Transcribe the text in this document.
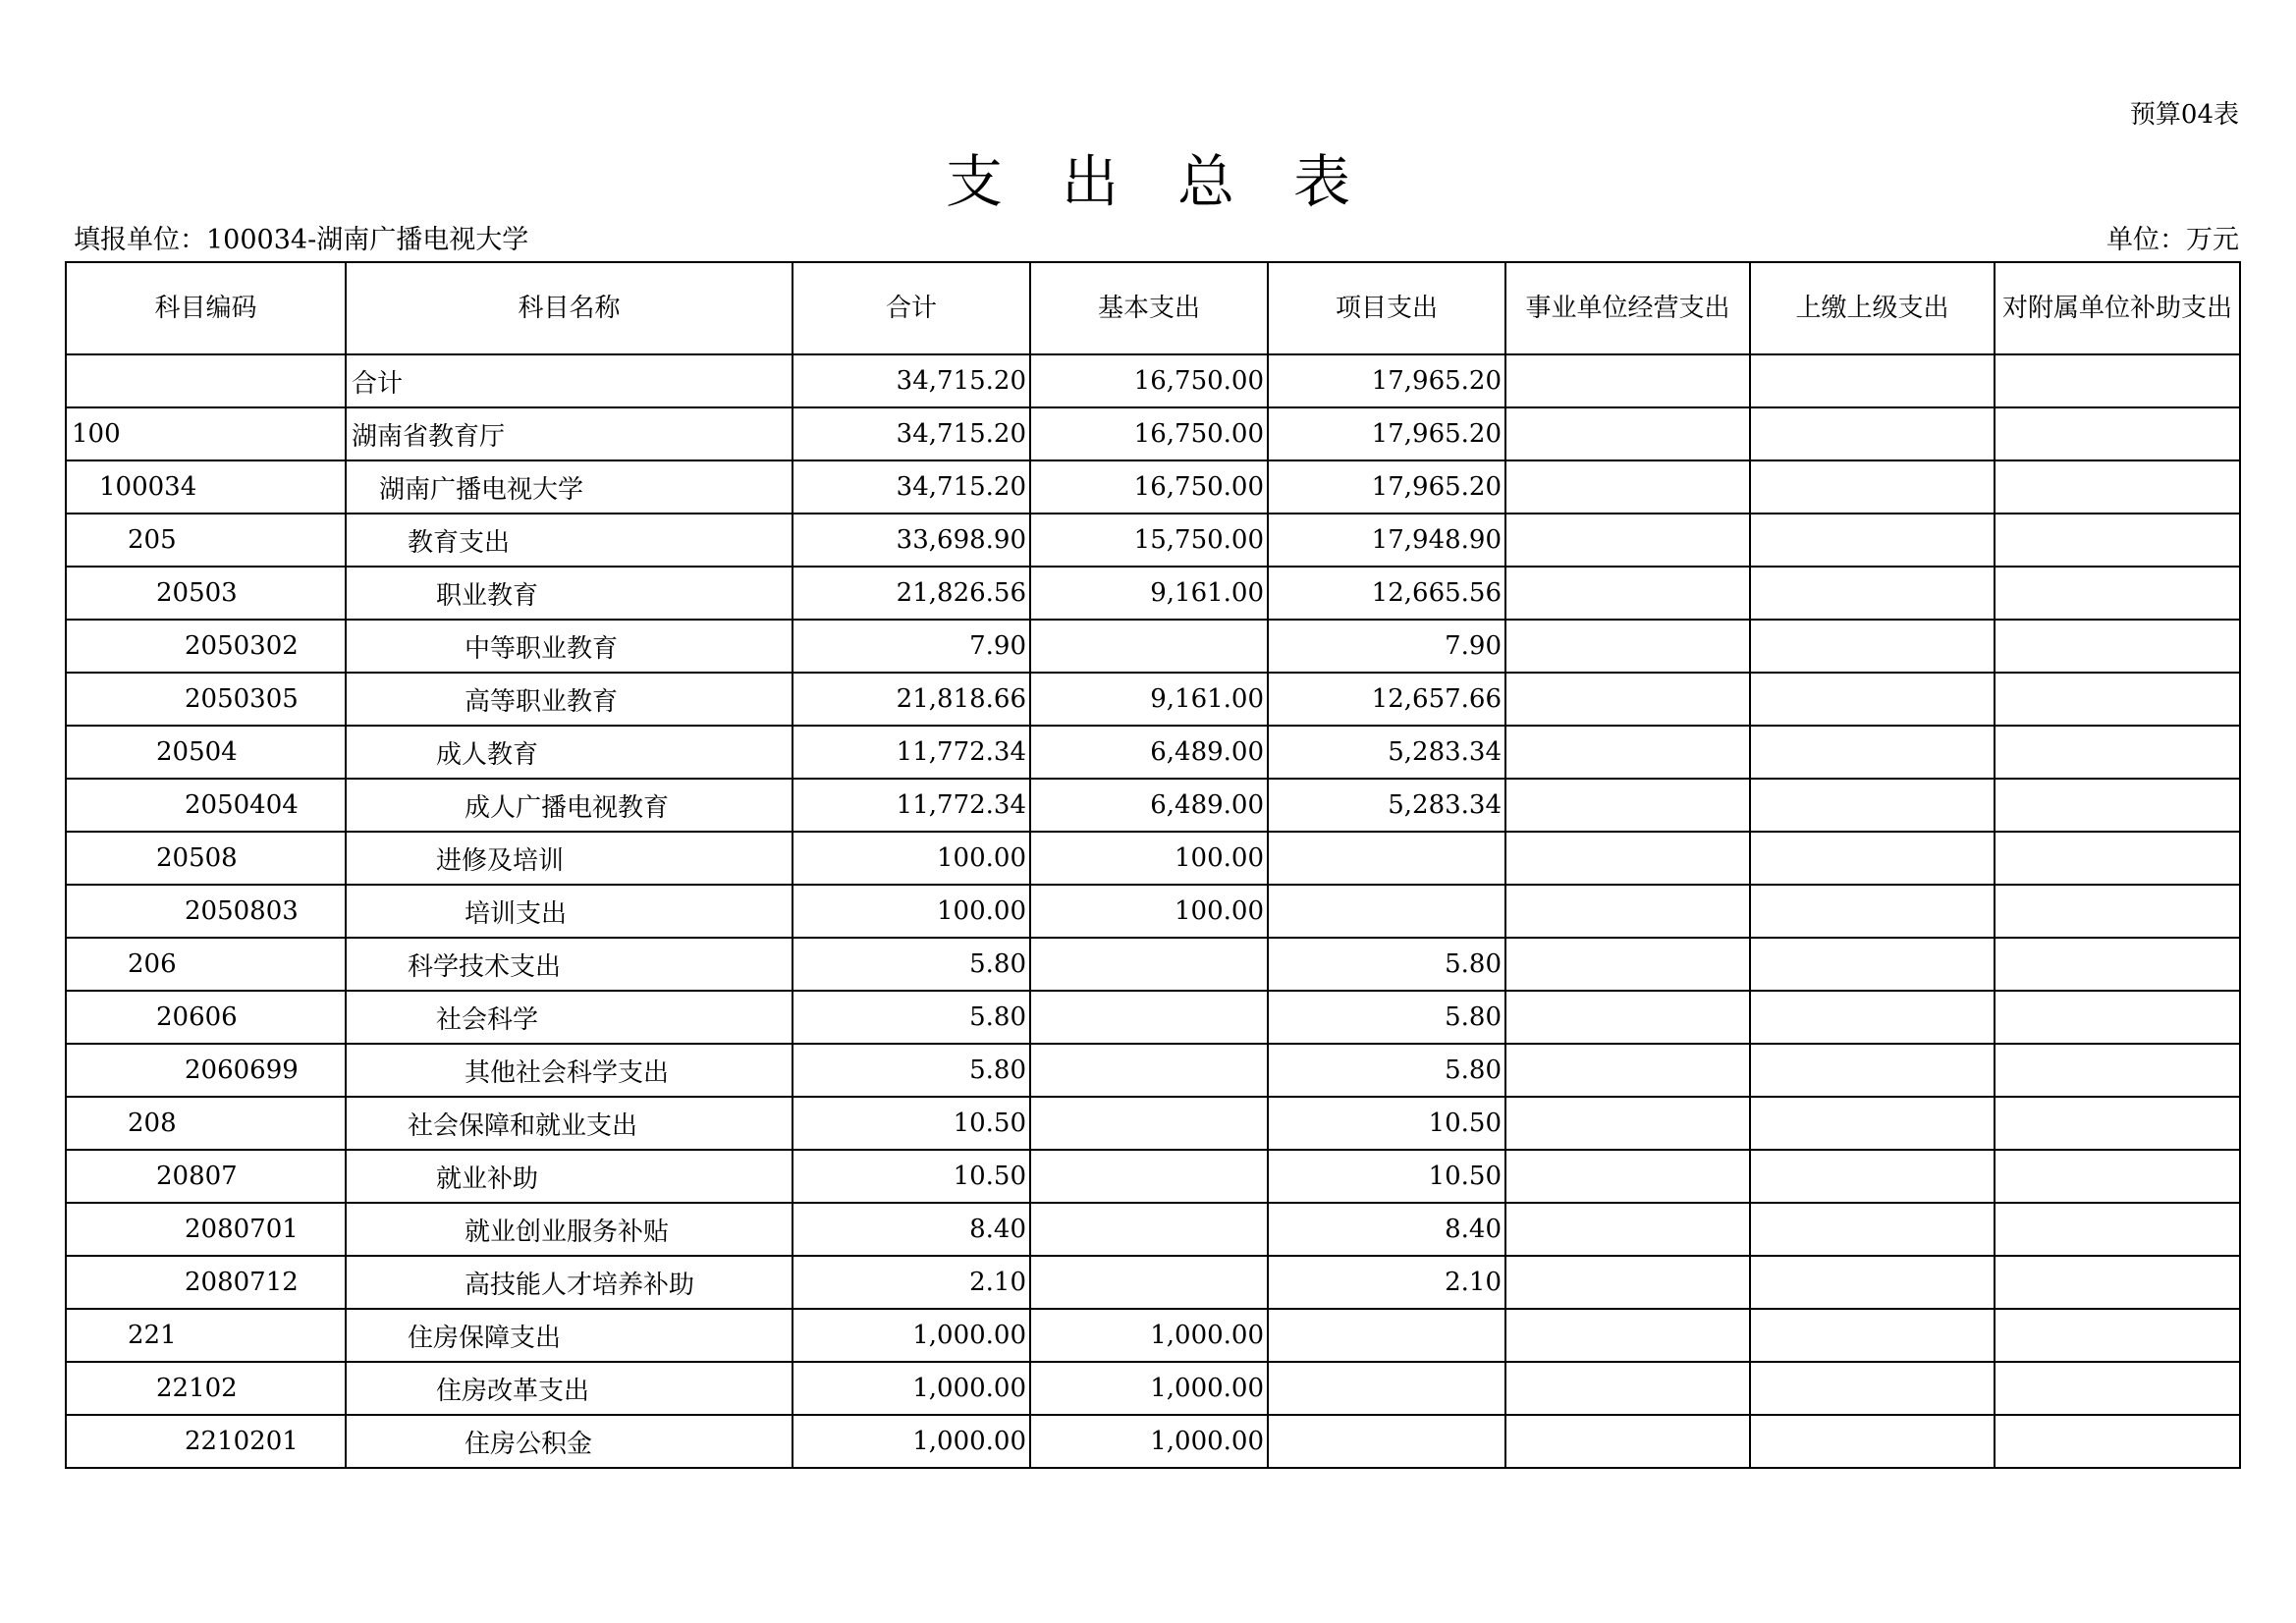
预算04表
支出总表
填报单位：100034-湖南广播电视大学	单位：万元
科目编码	科目名称	合计	基本支出	项目支出	事业单位经营支出	上缴上级支出	对附属单位补助支出
	合计	34,715.20	16,750.00	17,965.20			
100	湖南省教育厅	34,715.20	16,750.00	17,965.20			
100034	湖南广播电视大学	34,715.20	16,750.00	17,965.20			
205	教育支出	33,698.90	15,750.00	17,948.90			
20503	职业教育	21,826.56	9,161.00	12,665.56			
2050302	中等职业教育	7.90		7.90			
2050305	高等职业教育	21,818.66	9,161.00	12,657.66			
20504	成人教育	11,772.34	6,489.00	5,283.34			
2050404	成人广播电视教育	11,772.34	6,489.00	5,283.34			
20508	进修及培训	100.00	100.00				
2050803	培训支出	100.00	100.00				
206	科学技术支出	5.80		5.80			
20606	社会科学	5.80		5.80			
2060699	其他社会科学支出	5.80		5.80			
208	社会保障和就业支出	10.50		10.50			
20807	就业补助	10.50		10.50			
2080701	就业创业服务补贴	8.40		8.40			
2080712	高技能人才培养补助	2.10		2.10			
221	住房保障支出	1,000.00	1,000.00				
22102	住房改革支出	1,000.00	1,000.00				
2210201	住房公积金	1,000.00	1,000.00				
